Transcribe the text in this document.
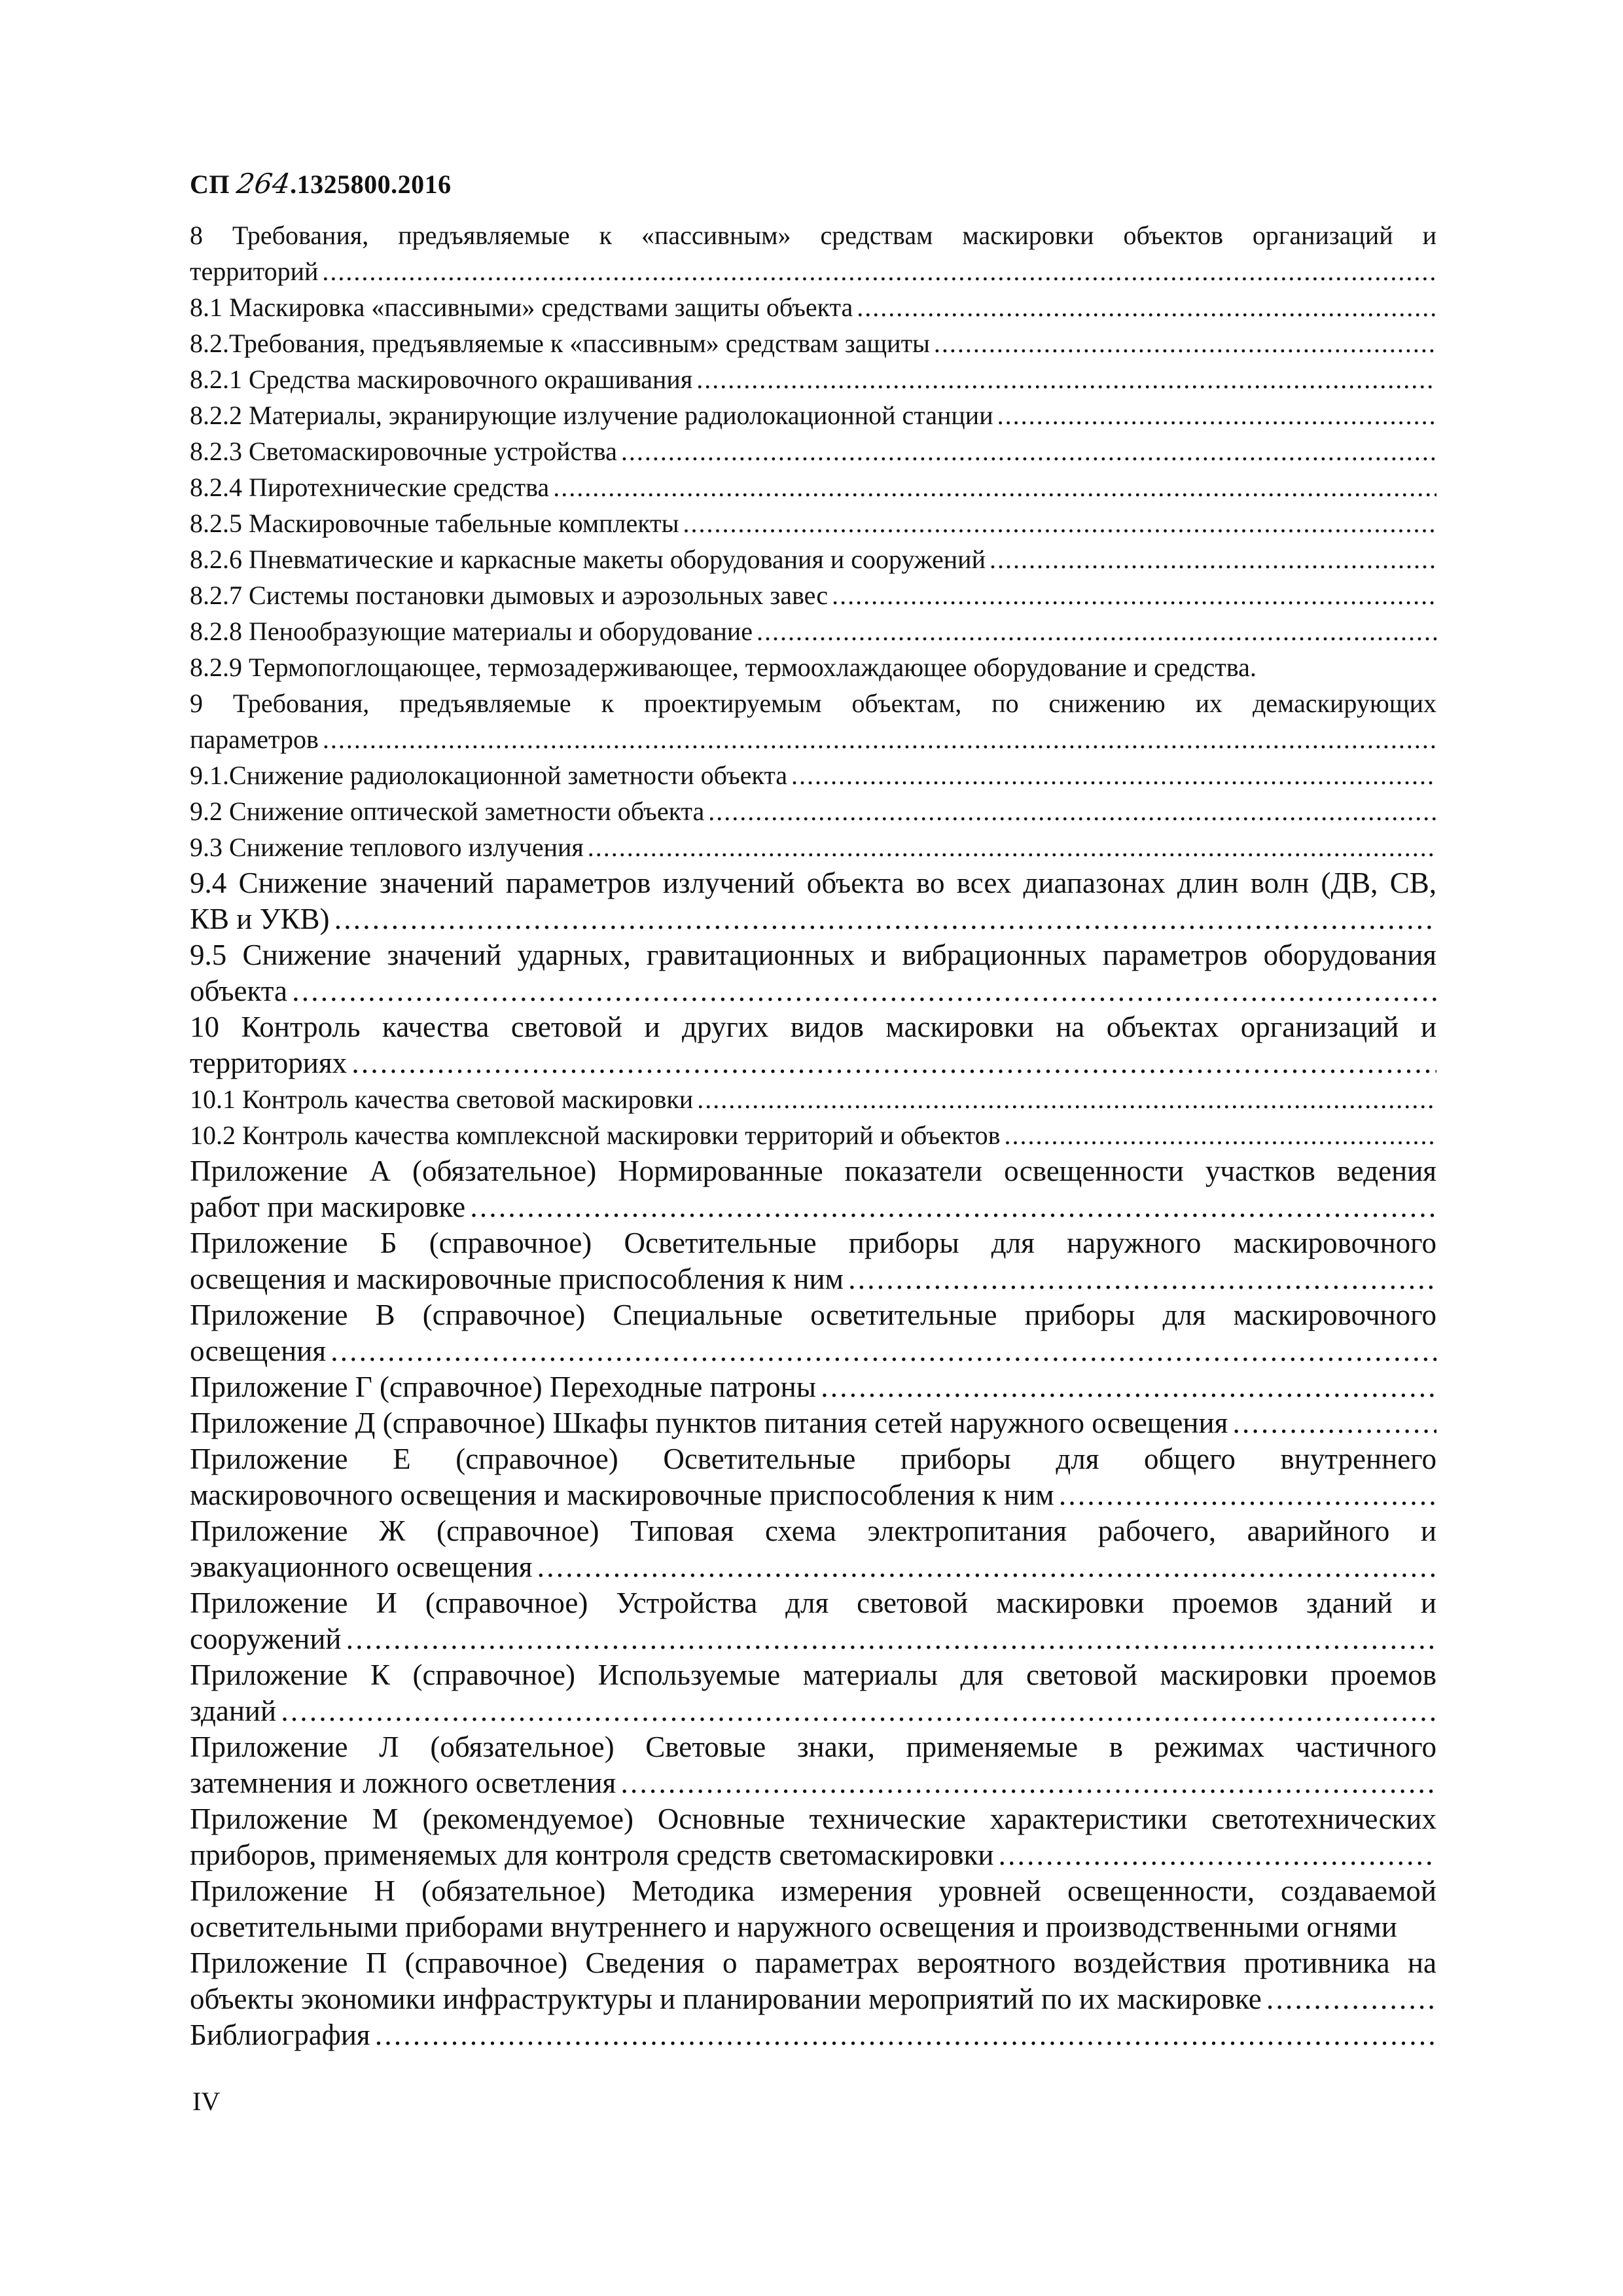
СП 264.1325800.2016
8 Требования, предъявляемые к «пассивным» средствам маскировки объектов организаций и
территорий . . .
8.1 Маскировка «пассивными» средствами защиты объекта . . .
8.2.Требования, предъявляемые к «пассивным» средствам защиты . . .
8.2.1 Средства маскировочного окрашивания . . .
8.2.2 Материалы, экранирующие излучение радиолокационной станции . . .
8.2.3 Светомаскировочные устройства . . .
8.2.4 Пиротехнические средства . . .
8.2.5 Маскировочные табельные комплекты . . .
8.2.6 Пневматические и каркасные макеты оборудования и сооружений . . .
8.2.7 Системы постановки дымовых и аэрозольных завес . . .
8.2.8 Пенообразующие материалы и оборудование . . .
8.2.9 Термопоглощающее, термозадерживающее, термоохлаждающее оборудование и средства.
9 Требования, предъявляемые к проектируемым объектам, по снижению их демаскирующих
параметров . . .
9.1.Снижение радиолокационной заметности объекта . . .
9.2 Снижение оптической заметности объекта . . .
9.3 Снижение теплового излучения . . .
9.4 Снижение значений параметров излучений объекта во всех диапазонах длин волн (ДВ, СВ,
КВ и УКВ) . . .
9.5 Снижение значений ударных, гравитационных и вибрационных параметров оборудования
объекта . . .
10 Контроль качества световой и других видов маскировки на объектах организаций и
территориях . . .
10.1 Контроль качества световой маскировки . . .
10.2 Контроль качества комплексной маскировки территорий и объектов . . .
Приложение А (обязательное) Нормированные показатели освещенности участков ведения
работ при маскировке . . .
Приложение Б (справочное) Осветительные приборы для наружного маскировочного
освещения и маскировочные приспособления к ним . . .
Приложение В (справочное) Специальные осветительные приборы для маскировочного
освещения . . .
Приложение Г (справочное) Переходные патроны . . .
Приложение Д (справочное) Шкафы пунктов питания сетей наружного освещения . . .
Приложение Е (справочное) Осветительные приборы для общего внутреннего
маскировочного освещения и маскировочные приспособления к ним . . .
Приложение Ж (справочное) Типовая схема электропитания рабочего, аварийного и
эвакуационного освещения . . .
Приложение И (справочное) Устройства для световой маскировки проемов зданий и
сооружений . . .
Приложение К (справочное) Используемые материалы для световой маскировки проемов
зданий . . .
Приложение Л (обязательное) Световые знаки, применяемые в режимах частичного
затемнения и ложного осветления . . .
Приложение М (рекомендуемое) Основные технические характеристики светотехнических
приборов, применяемых для контроля средств светомаскировки . . .
Приложение Н (обязательное) Методика измерения уровней освещенности, создаваемой
осветительными приборами внутреннего и наружного освещения и производственными огнями
Приложение П (справочное) Сведения о параметрах вероятного воздействия противника на
объекты экономики инфраструктуры и планировании мероприятий по их маскировке . . .
Библиография . . .
IV
